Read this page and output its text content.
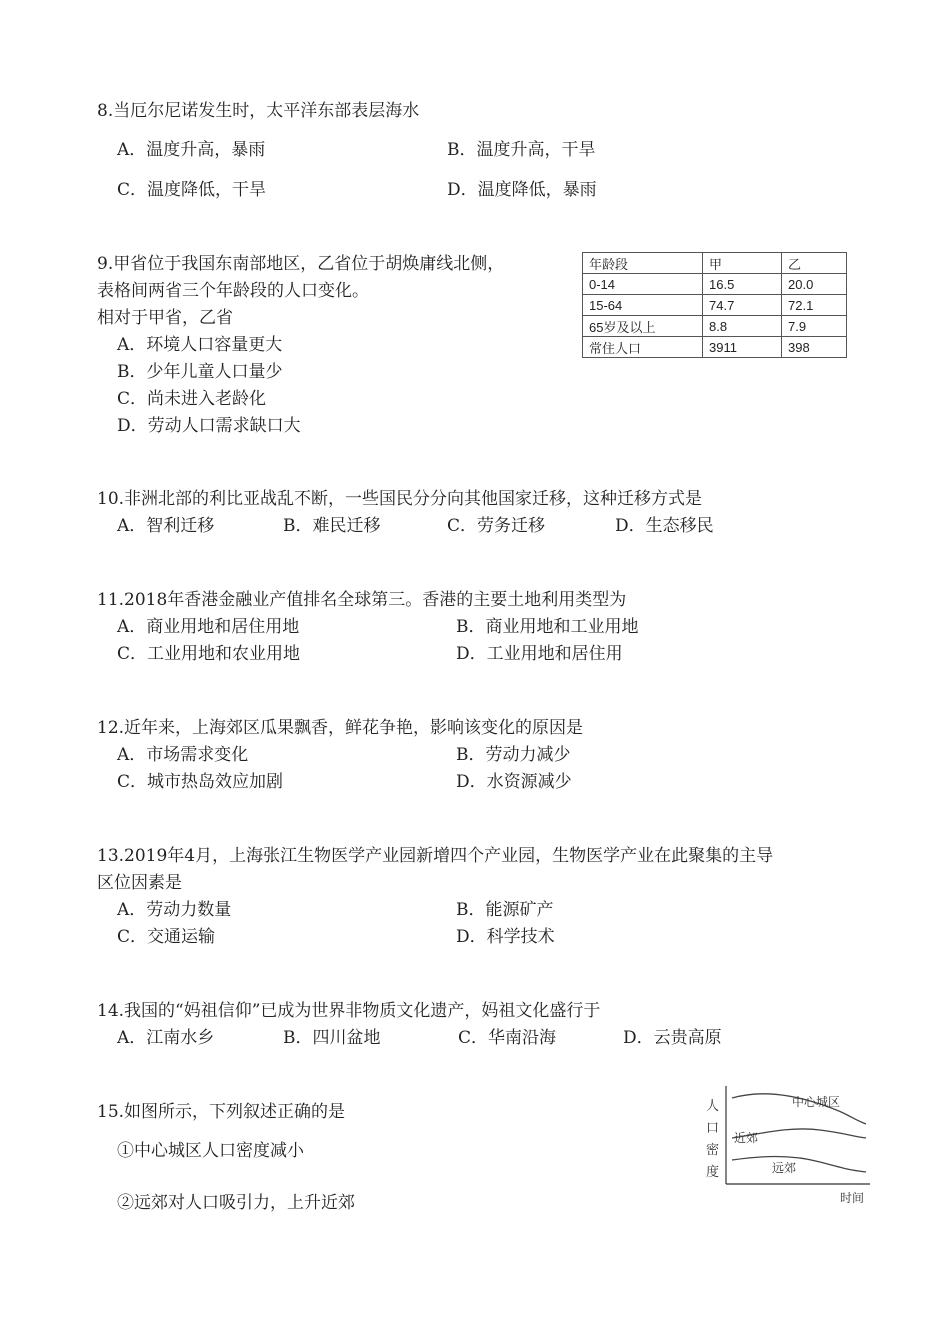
8.当厄尔尼诺发生时，太平洋东部表层海水
A．温度升高，暴雨	B．温度升高，干旱
C．温度降低，干旱	D．温度降低，暴雨
9.甲省位于我国东南部地区，乙省位于胡焕庸线北侧，
表格间两省三个年龄段的人口变化。
相对于甲省，乙省
A．环境人口容量更大
B．少年儿童人口量少
C．尚未进入老龄化
D．劳动人口需求缺口大
年龄段	甲	乙
0-14	16.5	20.0
15-64	74.7	72.1
65岁及以上	8.8	7.9
常住人口	3911	398
10.非洲北部的利比亚战乱不断，一些国民分分向其他国家迁移，这种迁移方式是
A．智利迁移	B．难民迁移	C．劳务迁移	D．生态移民
11.2018年香港金融业产值排名全球第三。香港的主要土地利用类型为
A．商业用地和居住用地	B．商业用地和工业用地
C．工业用地和农业用地	D．工业用地和居住用
12.近年来，上海郊区瓜果飘香，鲜花争艳，影响该变化的原因是
A．市场需求变化	B．劳动力减少
C．城市热岛效应加剧	D．水资源减少
13.2019年4月，上海张江生物医学产业园新增四个产业园，生物医学产业在此聚集的主导
区位因素是
A．劳动力数量	B．能源矿产
C．交通运输	D．科学技术
14.我国的“妈祖信仰”已成为世界非物质文化遗产，妈祖文化盛行于
A．江南水乡	B．四川盆地	C．华南沿海	D．云贵高原
15.如图所示，下列叙述正确的是
①中心城区人口密度减小
②远郊对人口吸引力，上升近郊
人
口
密
度
中心城区
近郊
远郊
时间
